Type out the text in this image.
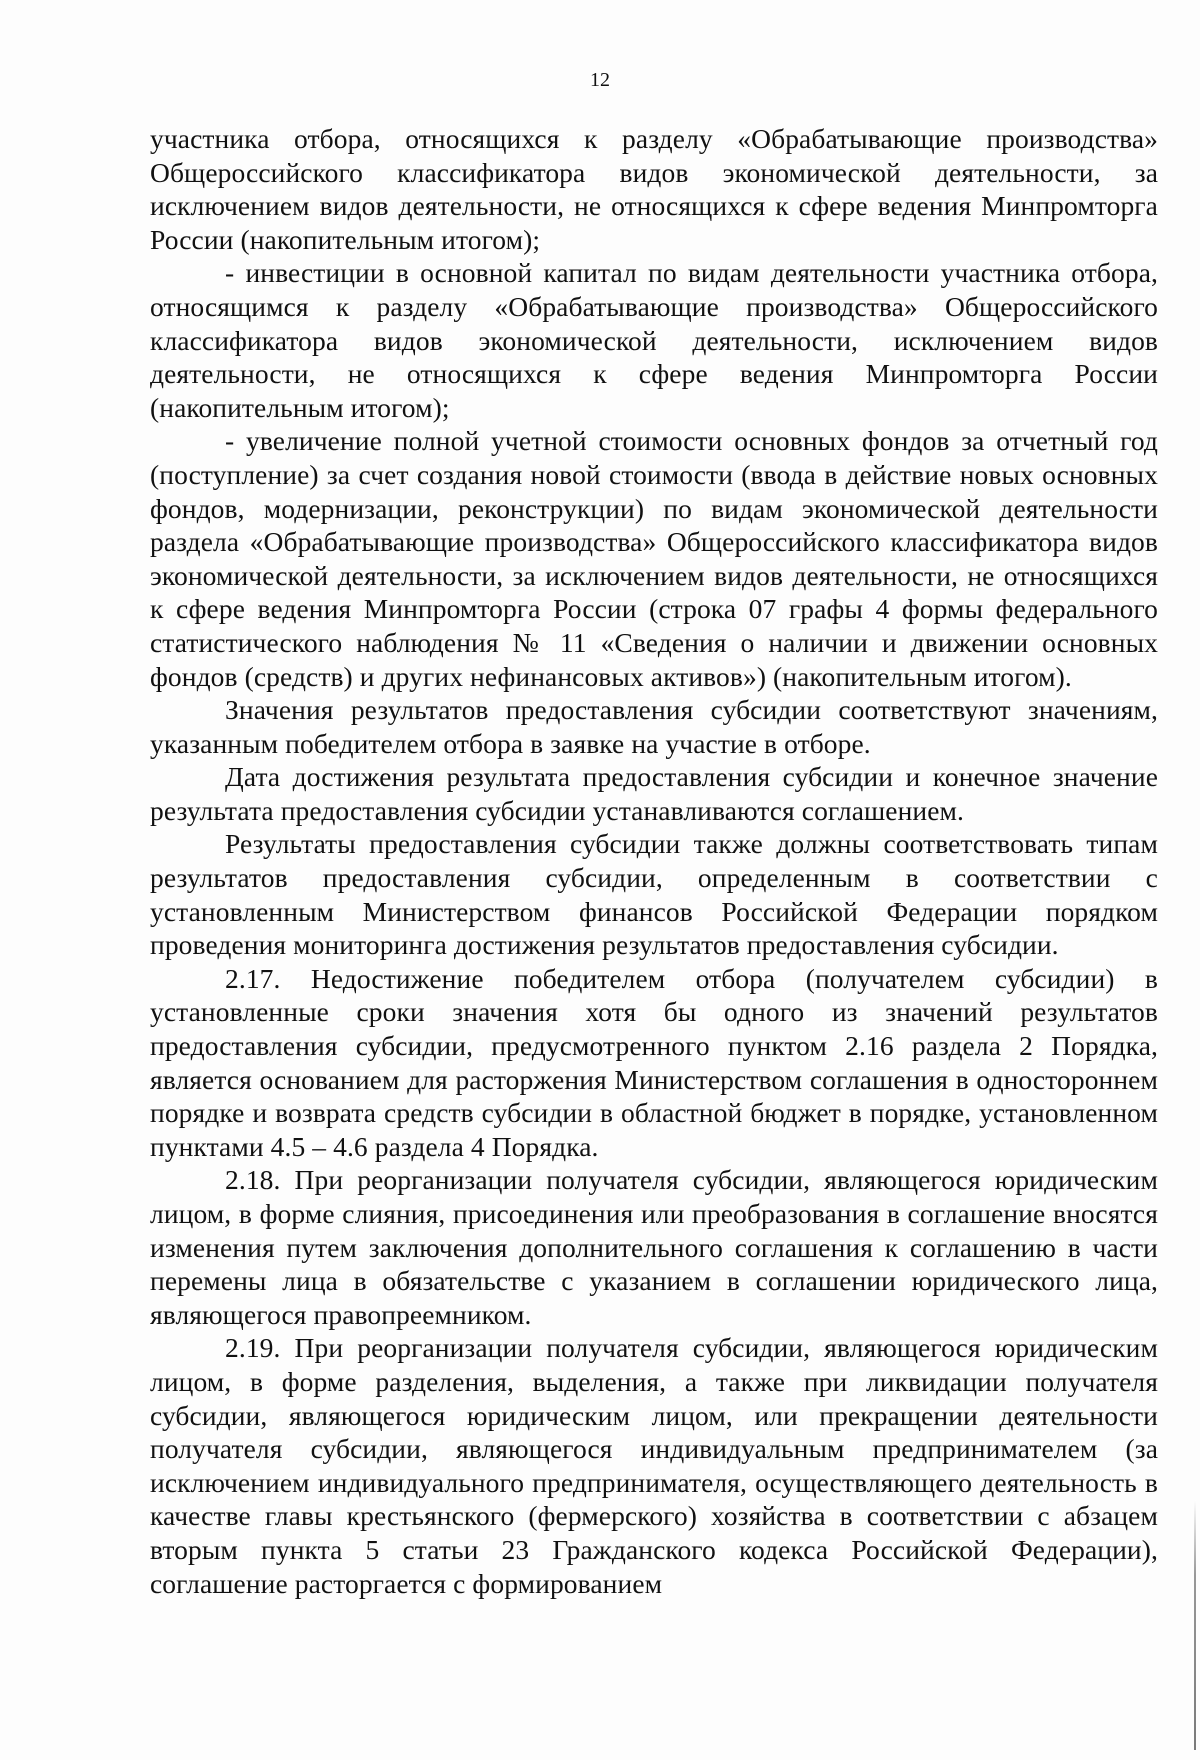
12

участника отбора, относящихся к разделу «Обрабатывающие производства» Общероссийского классификатора видов экономической деятельности, за исключением видов деятельности, не относящихся к сфере ведения Минпромторга России (накопительным итогом);

- инвестиции в основной капитал по видам деятельности участника отбора, относящимся к разделу «Обрабатывающие производства» Общероссийского классификатора видов экономической деятельности, исключением видов деятельности, не относящихся к сфере ведения Минпромторга России (накопительным итогом);

- увеличение полной учетной стоимости основных фондов за отчетный год (поступление) за счет создания новой стоимости (ввода в действие новых основных фондов, модернизации, реконструкции) по видам экономической деятельности раздела «Обрабатывающие производства» Общероссийского классификатора видов экономической деятельности, за исключением видов деятельности, не относящихся к сфере ведения Минпромторга России (строка 07 графы 4 формы федерального статистического наблюдения № 11 «Сведения о наличии и движении основных фондов (средств) и других нефинансовых активов») (накопительным итогом).

Значения результатов предоставления субсидии соответствуют значениям, указанным победителем отбора в заявке на участие в отборе.

Дата достижения результата предоставления субсидии и конечное значение результата предоставления субсидии устанавливаются соглашением.

Результаты предоставления субсидии также должны соответствовать типам результатов предоставления субсидии, определенным в соответствии с установленным Министерством финансов Российской Федерации порядком проведения мониторинга достижения результатов предоставления субсидии.

2.17. Недостижение победителем отбора (получателем субсидии) в установленные сроки значения хотя бы одного из значений результатов предоставления субсидии, предусмотренного пунктом 2.16 раздела 2 Порядка, является основанием для расторжения Министерством соглашения в одностороннем порядке и возврата средств субсидии в областной бюджет в порядке, установленном пунктами 4.5 – 4.6 раздела 4 Порядка.

2.18. При реорганизации получателя субсидии, являющегося юридическим лицом, в форме слияния, присоединения или преобразования в соглашение вносятся изменения путем заключения дополнительного соглашения к соглашению в части перемены лица в обязательстве с указанием в соглашении юридического лица, являющегося правопреемником.

2.19. При реорганизации получателя субсидии, являющегося юридическим лицом, в форме разделения, выделения, а также при ликвидации получателя субсидии, являющегося юридическим лицом, или прекращении деятельности получателя субсидии, являющегося индивидуальным предпринимателем (за исключением индивидуального предпринимателя, осуществляющего деятельность в качестве главы крестьянского (фермерского) хозяйства в соответствии с абзацем вторым пункта 5 статьи 23 Гражданского кодекса Российской Федерации), соглашение расторгается с формированием
